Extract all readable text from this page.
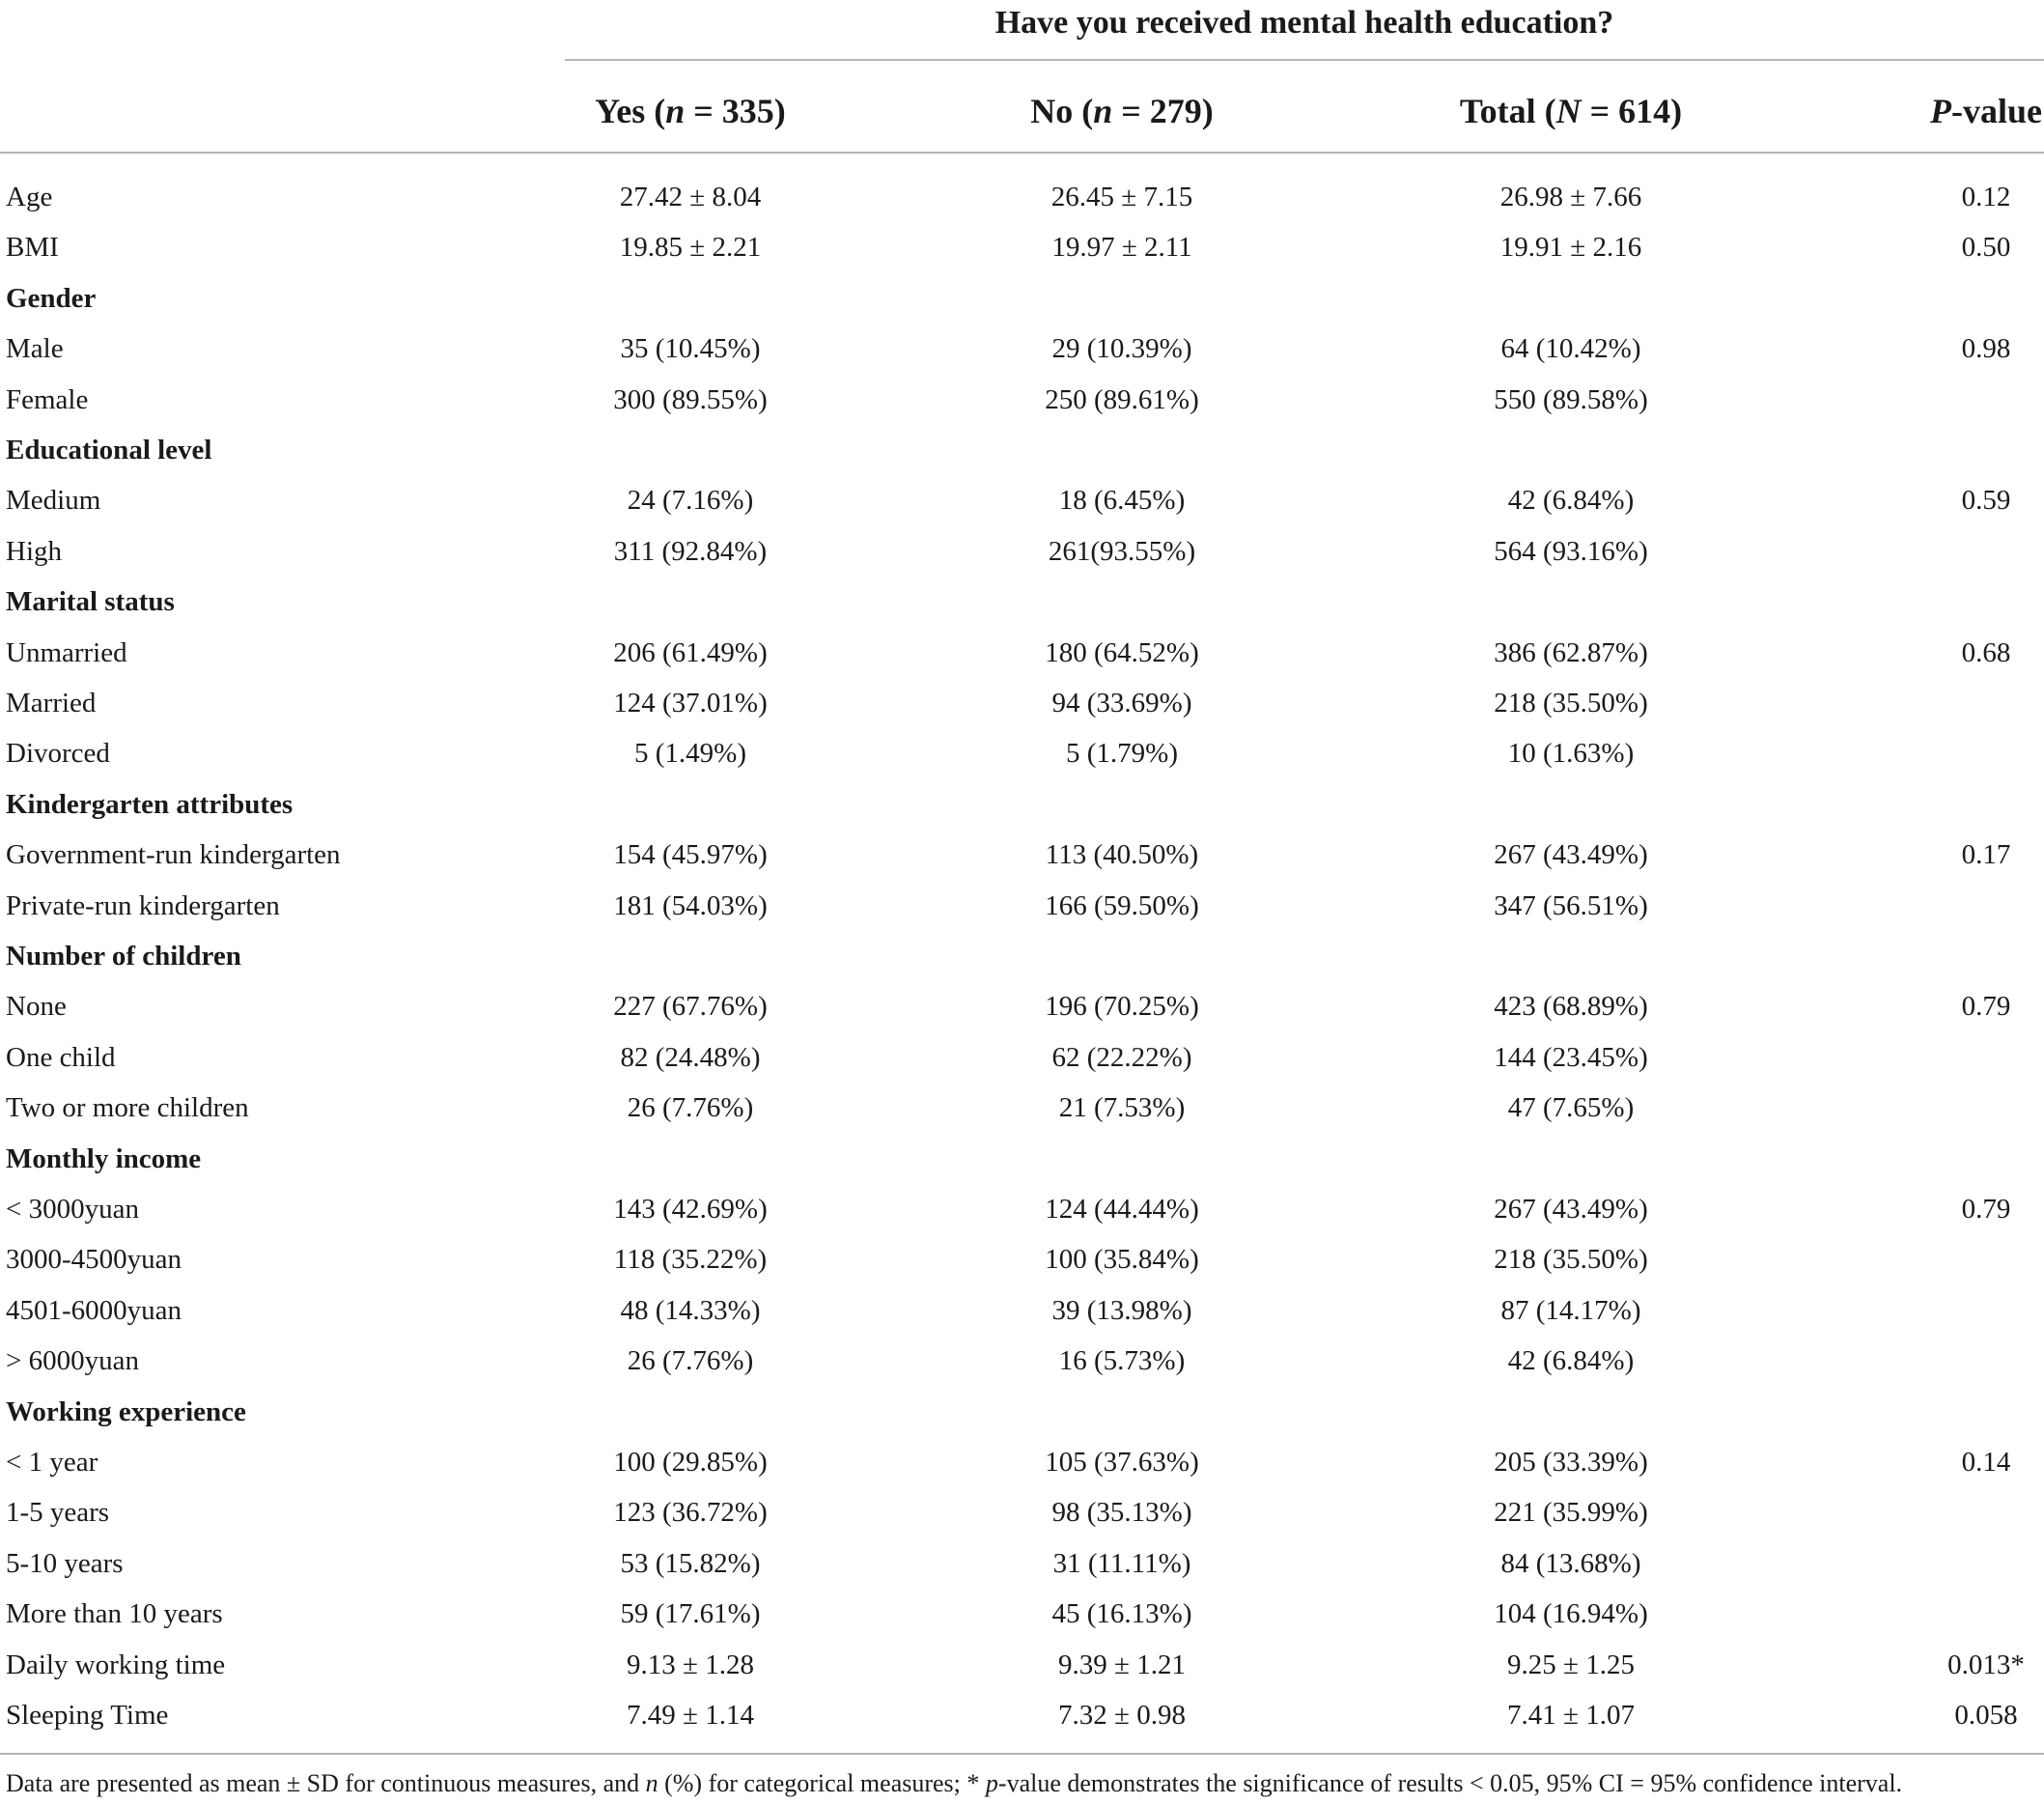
Have you received mental health education?
Yes (n = 335)	No (n = 279)	Total (N = 614)	P-value
Age	27.42 ± 8.04	26.45 ± 7.15	26.98 ± 7.66	0.12
BMI	19.85 ± 2.21	19.97 ± 2.11	19.91 ± 2.16	0.50
Gender
Male	35 (10.45%)	29 (10.39%)	64 (10.42%)	0.98
Female	300 (89.55%)	250 (89.61%)	550 (89.58%)
Educational level
Medium	24 (7.16%)	18 (6.45%)	42 (6.84%)	0.59
High	311 (92.84%)	261(93.55%)	564 (93.16%)
Marital status
Unmarried	206 (61.49%)	180 (64.52%)	386 (62.87%)	0.68
Married	124 (37.01%)	94 (33.69%)	218 (35.50%)
Divorced	5 (1.49%)	5 (1.79%)	10 (1.63%)
Kindergarten attributes
Government-run kindergarten	154 (45.97%)	113 (40.50%)	267 (43.49%)	0.17
Private-run kindergarten	181 (54.03%)	166 (59.50%)	347 (56.51%)
Number of children
None	227 (67.76%)	196 (70.25%)	423 (68.89%)	0.79
One child	82 (24.48%)	62 (22.22%)	144 (23.45%)
Two or more children	26 (7.76%)	21 (7.53%)	47 (7.65%)
Monthly income
< 3000yuan	143 (42.69%)	124 (44.44%)	267 (43.49%)	0.79
3000-4500yuan	118 (35.22%)	100 (35.84%)	218 (35.50%)
4501-6000yuan	48 (14.33%)	39 (13.98%)	87 (14.17%)
> 6000yuan	26 (7.76%)	16 (5.73%)	42 (6.84%)
Working experience
< 1 year	100 (29.85%)	105 (37.63%)	205 (33.39%)	0.14
1-5 years	123 (36.72%)	98 (35.13%)	221 (35.99%)
5-10 years	53 (15.82%)	31 (11.11%)	84 (13.68%)
More than 10 years	59 (17.61%)	45 (16.13%)	104 (16.94%)
Daily working time	9.13 ± 1.28	9.39 ± 1.21	9.25 ± 1.25	0.013*
Sleeping Time	7.49 ± 1.14	7.32 ± 0.98	7.41 ± 1.07	0.058
Data are presented as mean ± SD for continuous measures, and n (%) for categorical measures; * p-value demonstrates the significance of results < 0.05, 95% CI = 95% confidence interval.
